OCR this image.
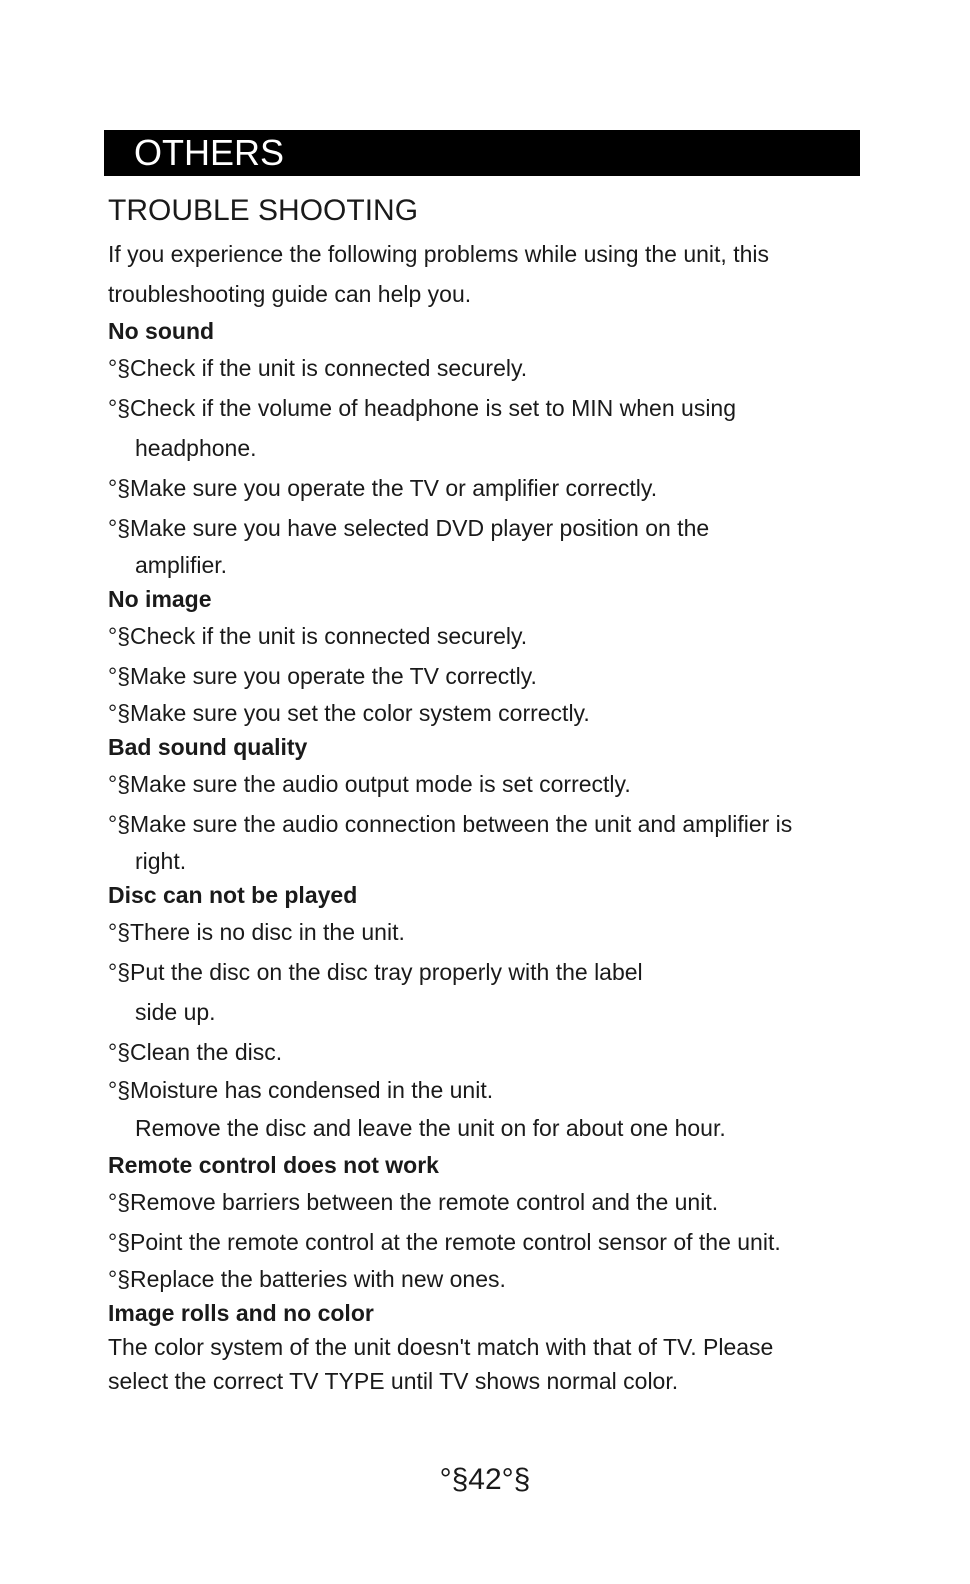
OTHERS
TROUBLE SHOOTING
If you experience the following problems while using the unit, this
troubleshooting guide can help you.
No sound
°§ Check if the unit is connected securely.
°§ Check if the volume of headphone is set to MIN when using
headphone.
°§ Make sure you operate the TV or amplifier correctly.
°§ Make sure you have selected DVD player position on the
amplifier.
No image
°§ Check if the unit is connected securely.
°§ Make sure you operate the TV correctly.
°§ Make sure you set the color system correctly.
Bad sound quality
°§ Make sure the audio output mode is set correctly.
°§ Make sure the audio connection between the unit and amplifier is
right.
Disc can not be played
°§ There is no disc in the unit.
°§ Put the disc on the disc tray properly with the label
side up.
°§ Clean the disc.
°§ Moisture has condensed in the unit.
Remove the disc and leave the unit on for about one hour.
Remote control does not work
°§ Remove barriers between the remote control and the unit.
°§ Point the remote control at the remote control sensor of the unit.
°§ Replace the batteries with new ones.
Image rolls and no color
The color system of the unit doesn't match with that of TV. Please
select the correct TV TYPE until TV shows normal color.
°§42°§
